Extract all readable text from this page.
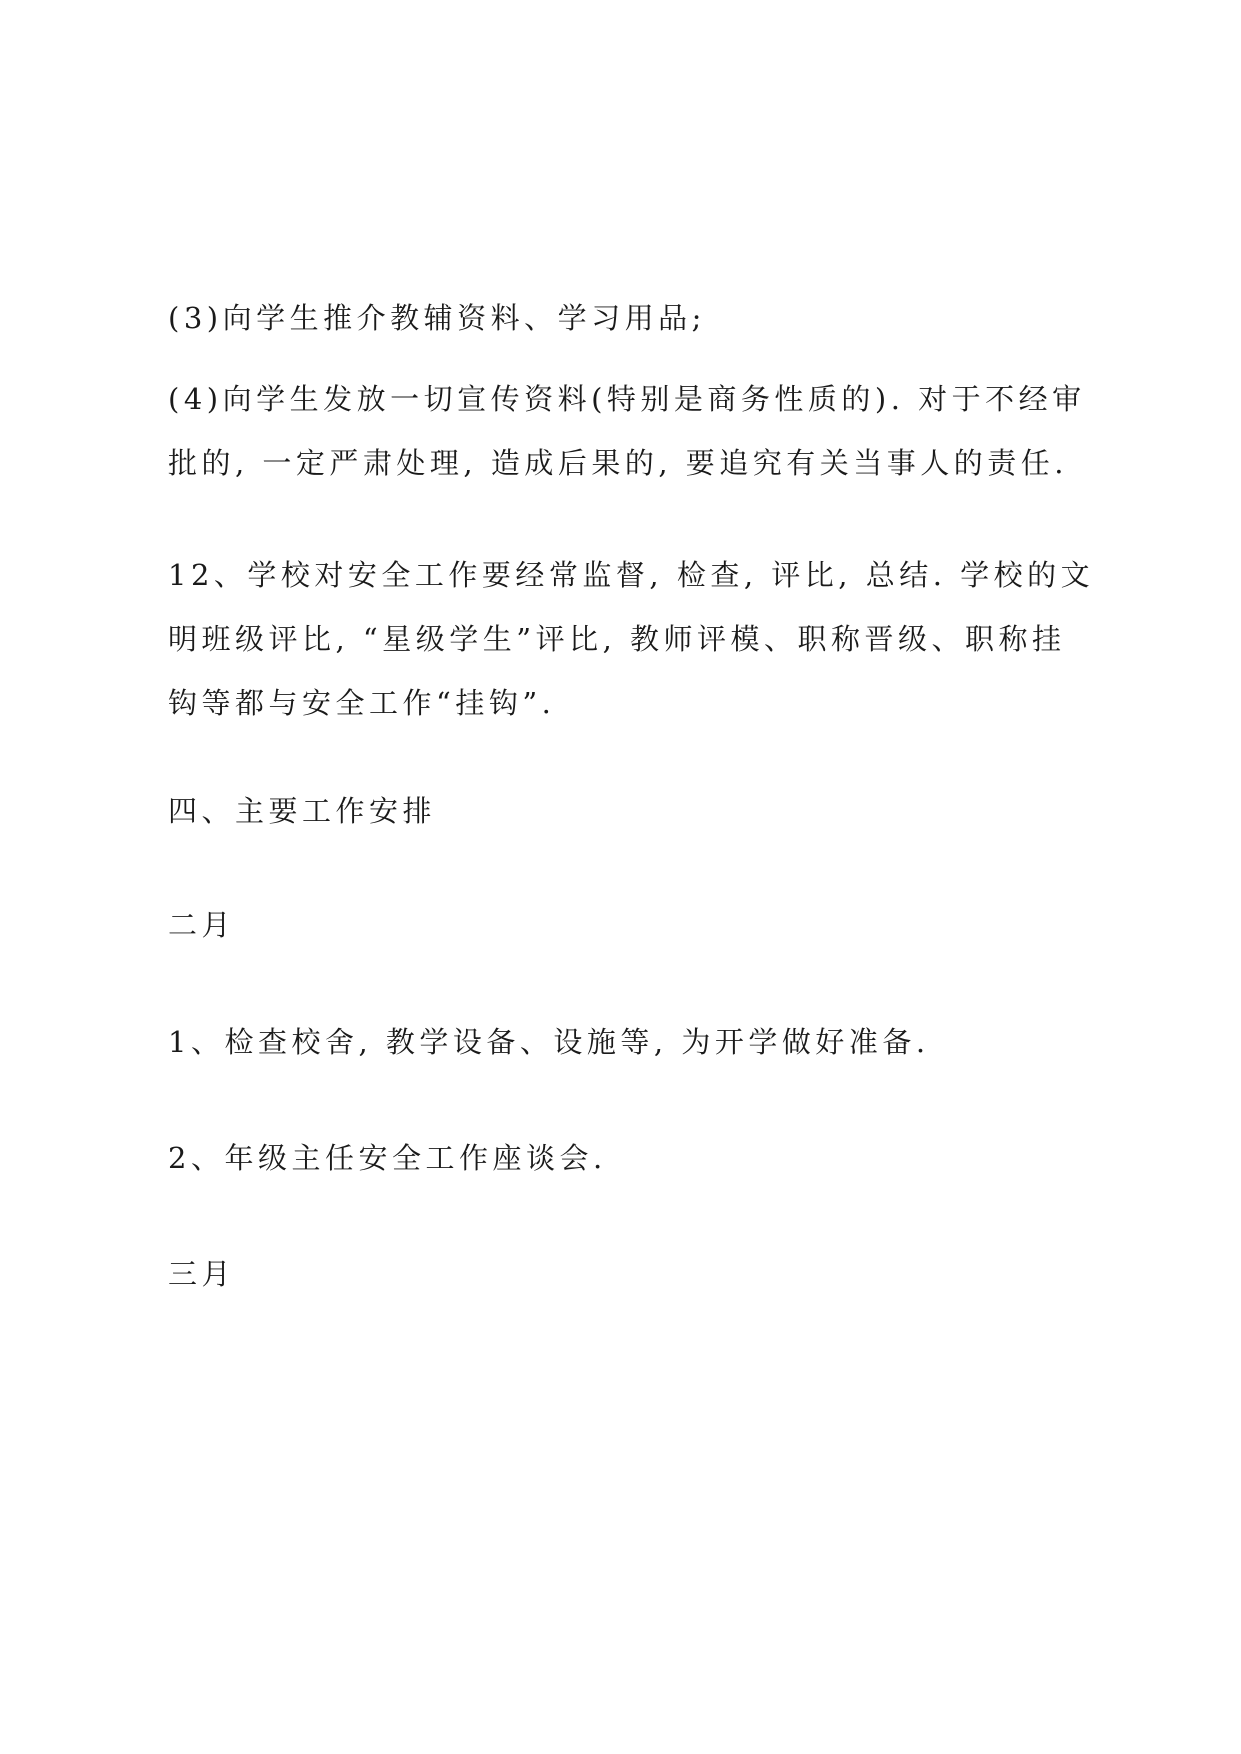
(3)向学生推介教辅资料、学习用品;

(4)向学生发放一切宣传资料(特别是商务性质的). 对于不经审
批的, 一定严肃处理, 造成后果的, 要追究有关当事人的责任.

12、学校对安全工作要经常监督, 检查, 评比, 总结. 学校的文
明班级评比, “星级学生”评比, 教师评模、职称晋级、职称挂
钩等都与安全工作“挂钩”.

四、主要工作安排

二月

1、检查校舍, 教学设备、设施等, 为开学做好准备.

2、年级主任安全工作座谈会.

三月
